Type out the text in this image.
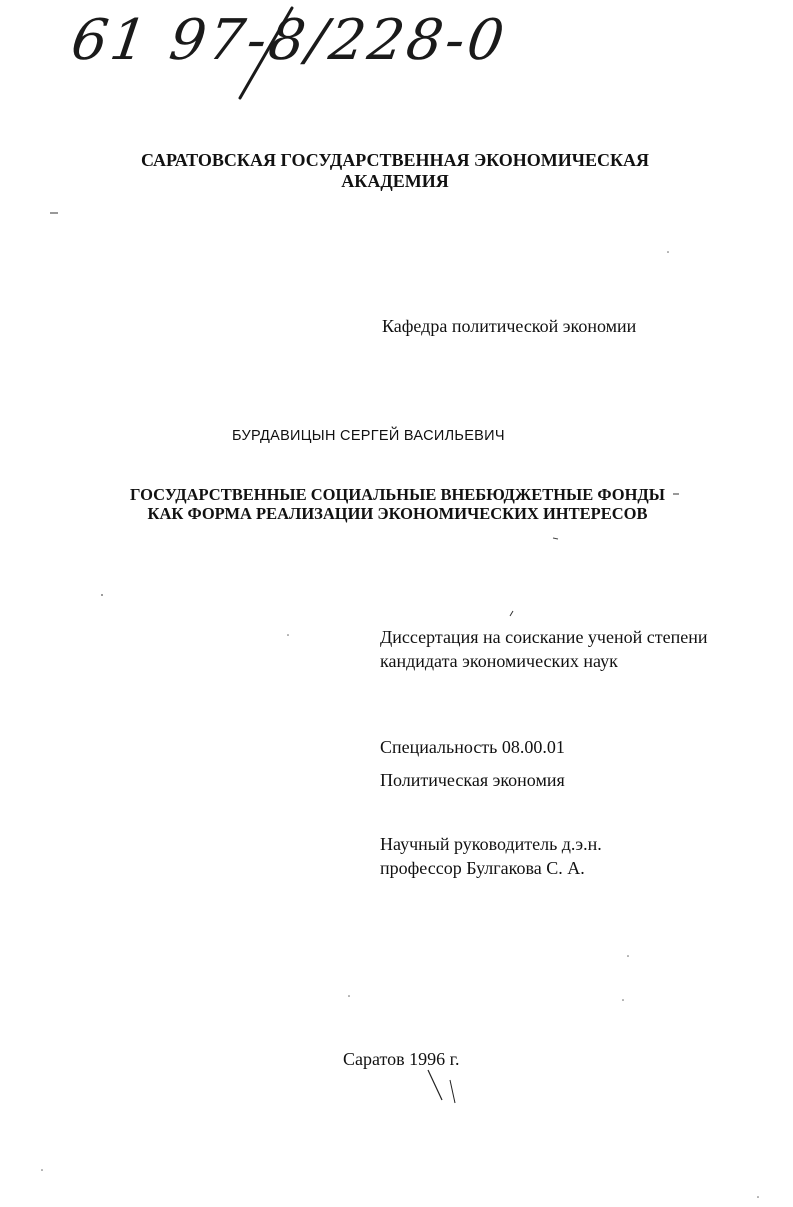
61 97-8/228-0
САРАТОВСКАЯ ГОСУДАРСТВЕННАЯ ЭКОНОМИЧЕСКАЯ АКАДЕМИЯ
Кафедра политической экономии
БУРДАВИЦЫН СЕРГЕЙ ВАСИЛЬЕВИЧ
ГОСУДАРСТВЕННЫЕ СОЦИАЛЬНЫЕ ВНЕБЮДЖЕТНЫЕ ФОНДЫ КАК ФОРМА РЕАЛИЗАЦИИ ЭКОНОМИЧЕСКИХ ИНТЕРЕСОВ
Диссертация на соискание ученой степени кандидата экономических наук
Специальность 08.00.01
Политическая экономия
Научный руководитель д.э.н.
профессор Булгакова С. А.
Саратов 1996 г.
